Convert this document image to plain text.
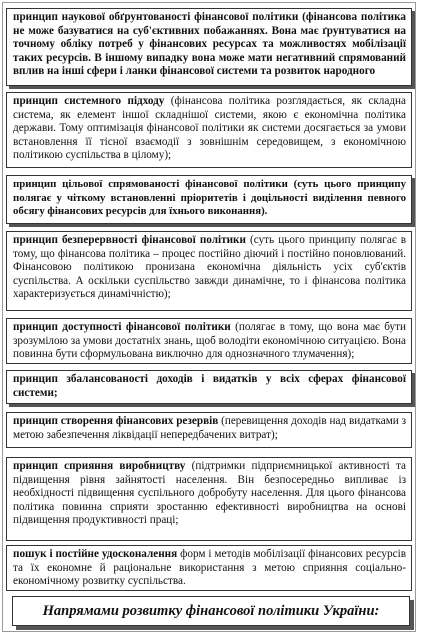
принцип наукової обґрунтованості фінансової політики (фінансова політика не може базуватися на суб'єктивних побажаннях. Вона має ґрунтуватися на точному обліку потреб у фінансових ресурсах та можливостях мобілізації таких ресурсів. В іншому випадку вона може мати негативний спрямований вплив на інші сфери і ланки фінансової системи та розвиток народного
принцип системного підходу (фінансова політика розглядається, як складна система, як елемент іншої складнішої системи, якою є економічна політика держави. Тому оптимізація фінансової політики як системи досягається за умови встановлення її тісної взаємодії з зовнішнім середовищем, з економічною політикою суспільства в цілому);
принцип цільової спрямованості фінансової політики (суть цього принципу полягає у чіткому встановленні пріоритетів і доцільності виділення певного обсягу фінансових ресурсів для їхнього виконання).
принцип безперервності фінансової політики (суть цього принципу полягає в тому, що фінансова політика – процес постійно діючий і постійно поновлюваний. Фінансовою політикою пронизана економічна діяльність усіх суб'єктів суспільства. А оскільки суспільство завжди динамічне, то і фінансова політика характеризується динамічністю);
принцип доступності фінансової політики (полягає в тому, що вона має бути зрозумілою за умови достатніх знань, щоб володіти економічною ситуацією. Вона повинна бути сформульована виключно для однозначного тлумачення);
принцип збалансованості доходів і видатків у всіх сферах фінансової системи;
принцип створення фінансових резервів (перевищення доходів над видатками з метою забезпечення ліквідації непередбачених витрат);
принцип сприяння виробництву (підтримки підприємницької активності та підвищення рівня зайнятості населення. Він безпосередньо випливає із необхідності підвищення суспільного добробуту населення. Для цього фінансова політика повинна сприяти зростанню ефективності виробництва на основі підвищення продуктивності праці;
пошук і постійне удосконалення форм і методів мобілізації фінансових ресурсів та їх економне й раціональне використання з метою сприяння соціально-економічному розвитку суспільства.
Напрямами розвитку фінансової політики України:
